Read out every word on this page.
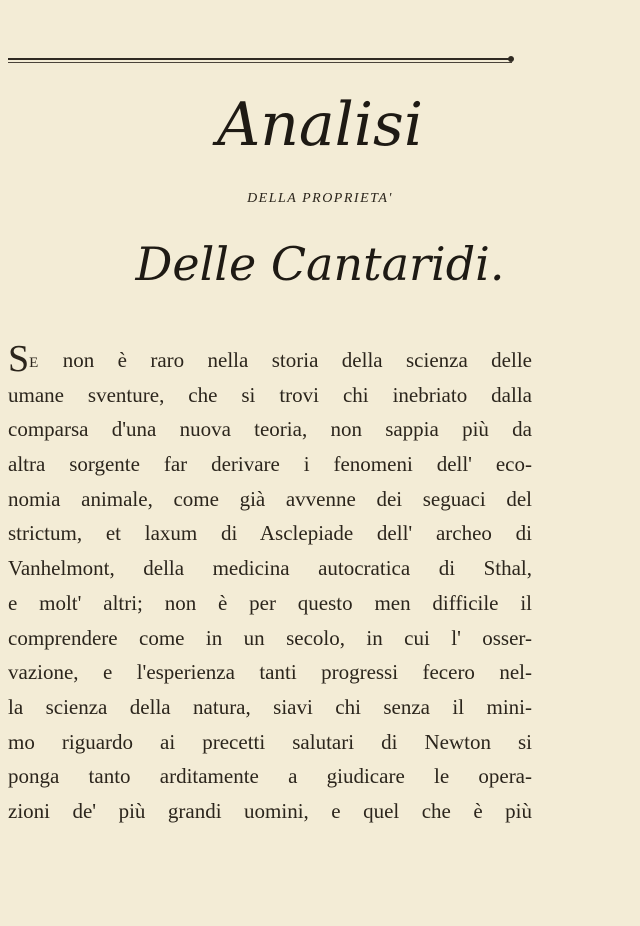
Analisi
DELLA PROPRIETA'
Delle Cantaridi.
SE non è raro nella storia della scienza delle
umane sventure, che si trovi chi inebriato dalla
comparsa d'una nuova teoria, non sappia più da
altra sorgente far derivare i fenomeni dell' eco-
nomia animale, come già avvenne dei seguaci del
strictum, et laxum di Asclepiade dell' archeo di
Vanhelmont, della medicina autocratica di Sthal,
e molt' altri; non è per questo men difficile il
comprendere come in un secolo, in cui l' osser-
vazione, e l'esperienza tanti progressi fecero nel-
la scienza della natura, siavi chi senza il mini-
mo riguardo ai precetti salutari di Newton si
ponga tanto arditamente a giudicare le opera-
zioni de' più grandi uomini, e quel che è più
